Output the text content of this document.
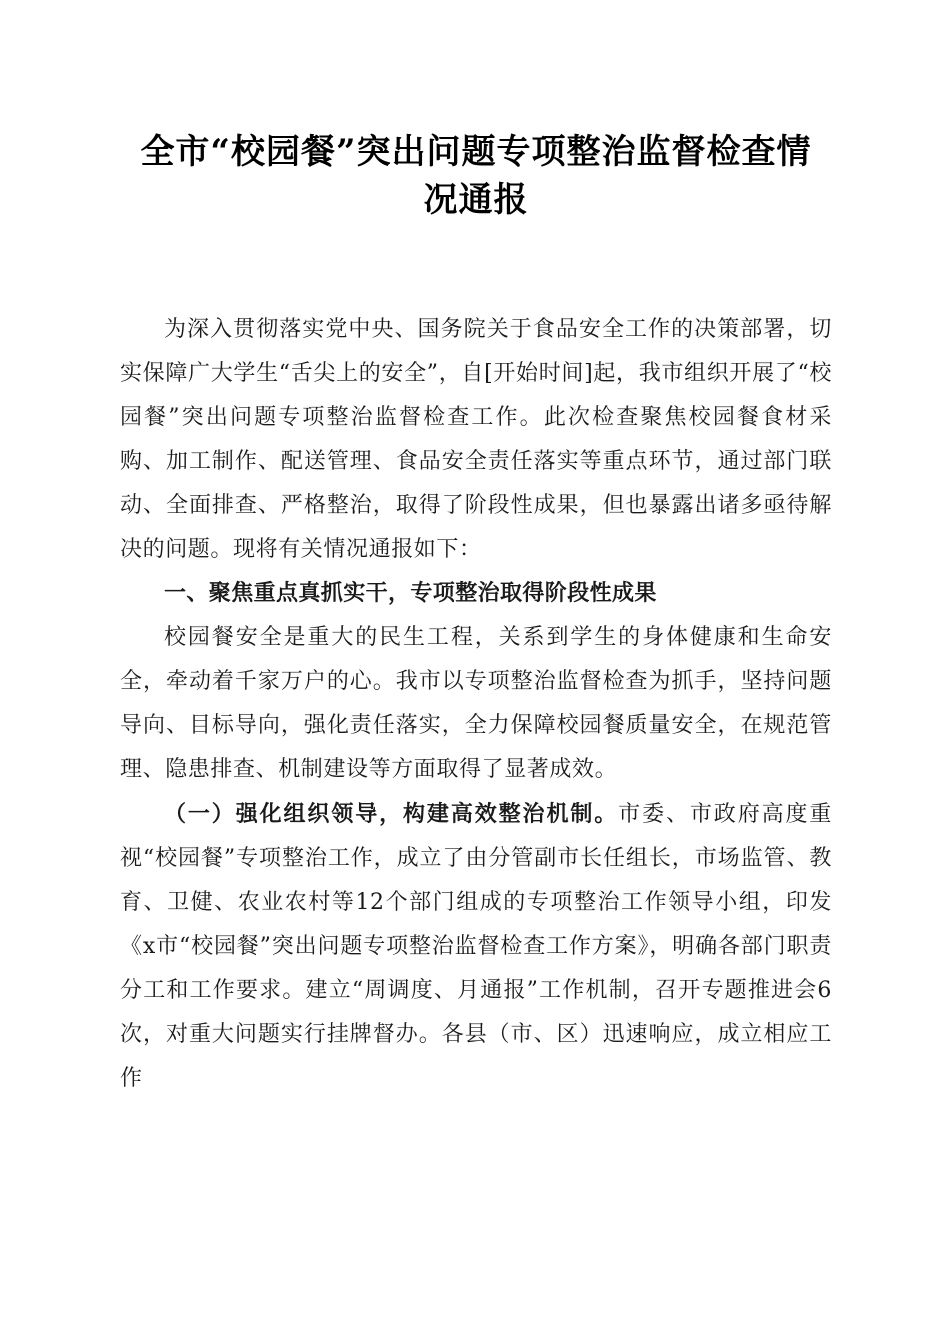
全市“校园餐”突出问题专项整治监督检查情
况通报

为深入贯彻落实党中央、国务院关于食品安全工作的决策部署，切实保障广大学生“舌尖上的安全”，自[开始时间]起，我市组织开展了“校园餐”突出问题专项整治监督检查工作。此次检查聚焦校园餐食材采购、加工制作、配送管理、食品安全责任落实等重点环节，通过部门联动、全面排查、严格整治，取得了阶段性成果，但也暴露出诸多亟待解决的问题。现将有关情况通报如下：

一、聚焦重点真抓实干，专项整治取得阶段性成果

校园餐安全是重大的民生工程，关系到学生的身体健康和生命安全，牵动着千家万户的心。我市以专项整治监督检查为抓手，坚持问题导向、目标导向，强化责任落实，全力保障校园餐质量安全，在规范管理、隐患排查、机制建设等方面取得了显著成效。

（一）强化组织领导，构建高效整治机制。市委、市政府高度重视“校园餐”专项整治工作，成立了由分管副市长任组长，市场监管、教育、卫健、农业农村等12个部门组成的专项整治工作领导小组，印发《x市“校园餐”突出问题专项整治监督检查工作方案》，明确各部门职责分工和工作要求。建立“周调度、月通报”工作机制，召开专题推进会6次，对重大问题实行挂牌督办。各县（市、区）迅速响应，成立相应工作
